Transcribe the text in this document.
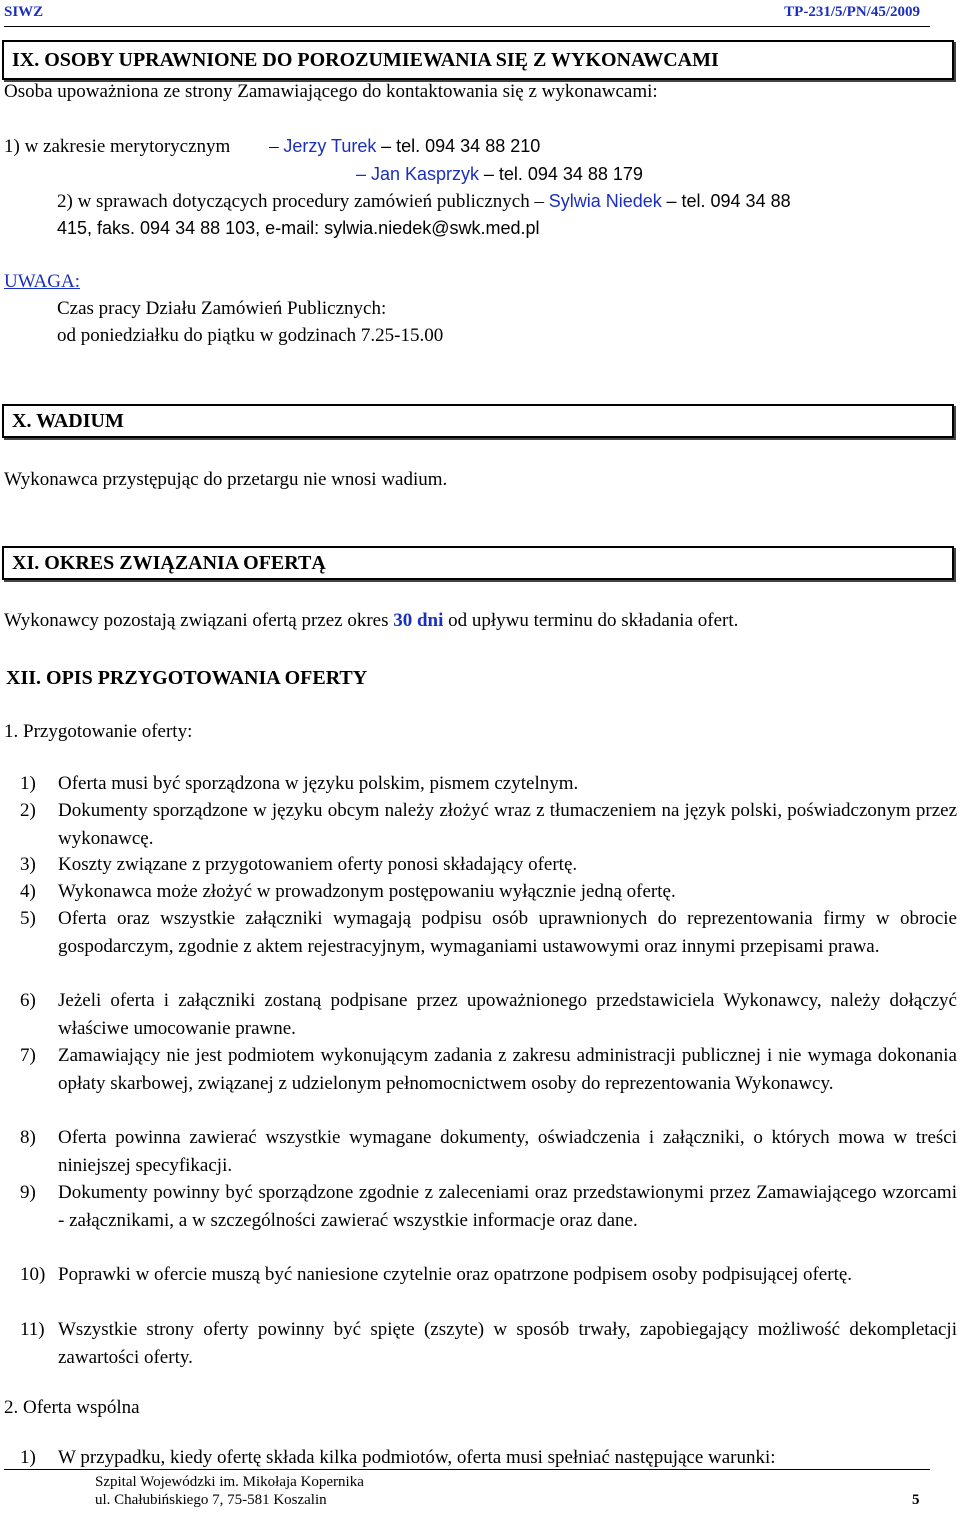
SIWZ	TP-231/5/PN/45/2009
IX. OSOBY UPRAWNIONE DO POROZUMIEWANIA SIĘ Z WYKONAWCAMI
Osoba upoważniona ze strony Zamawiającego do kontaktowania się z wykonawcami:
1) w zakresie merytorycznym – Jerzy Turek – tel. 094 34 88 210
– Jan Kasprzyk – tel. 094 34 88 179
2) w sprawach dotyczących procedury zamówień publicznych – Sylwia Niedek – tel. 094 34 88
415, faks. 094 34 88 103, e-mail: sylwia.niedek@swk.med.pl
UWAGA:
Czas pracy Działu Zamówień Publicznych:
od poniedziałku do piątku w godzinach 7.25-15.00
X. WADIUM
Wykonawca przystępując do przetargu nie wnosi wadium.
XI. OKRES ZWIĄZANIA OFERTĄ
Wykonawcy pozostają związani ofertą przez okres 30 dni od upływu terminu do składania ofert.
XII. OPIS PRZYGOTOWANIA OFERTY
1. Przygotowanie oferty:
1) Oferta musi być sporządzona w języku polskim, pismem czytelnym.
2) Dokumenty sporządzone w języku obcym należy złożyć wraz z tłumaczeniem na język polski, poświadczonym przez wykonawcę.
3) Koszty związane z przygotowaniem oferty ponosi składający ofertę.
4) Wykonawca może złożyć w prowadzonym postępowaniu wyłącznie jedną ofertę.
5) Oferta oraz wszystkie załączniki wymagają podpisu osób uprawnionych do reprezentowania firmy w obrocie gospodarczym, zgodnie z aktem rejestracyjnym, wymaganiami ustawowymi oraz innymi przepisami prawa.
6) Jeżeli oferta i załączniki zostaną podpisane przez upoważnionego przedstawiciela Wykonawcy, należy dołączyć właściwe umocowanie prawne.
7) Zamawiający nie jest podmiotem wykonującym zadania z zakresu administracji publicznej i nie wymaga dokonania opłaty skarbowej, związanej z udzielonym pełnomocnictwem osoby do reprezentowania Wykonawcy.
8) Oferta powinna zawierać wszystkie wymagane dokumenty, oświadczenia i załączniki, o których mowa w treści niniejszej specyfikacji.
9) Dokumenty powinny być sporządzone zgodnie z zaleceniami oraz przedstawionymi przez Zamawiającego wzorcami - załącznikami, a w szczególności zawierać wszystkie informacje oraz dane.
10) Poprawki w ofercie muszą być naniesione czytelnie oraz opatrzone podpisem osoby podpisującej ofertę.
11) Wszystkie strony oferty powinny być spięte (zszyte) w sposób trwały, zapobiegający możliwość dekompletacji zawartości oferty.
2. Oferta wspólna
1) W przypadku, kiedy ofertę składa kilka podmiotów, oferta musi spełniać następujące warunki:
Szpital Wojewódzki im. Mikołaja Kopernika
ul. Chałubińskiego 7, 75-581 Koszalin	5
